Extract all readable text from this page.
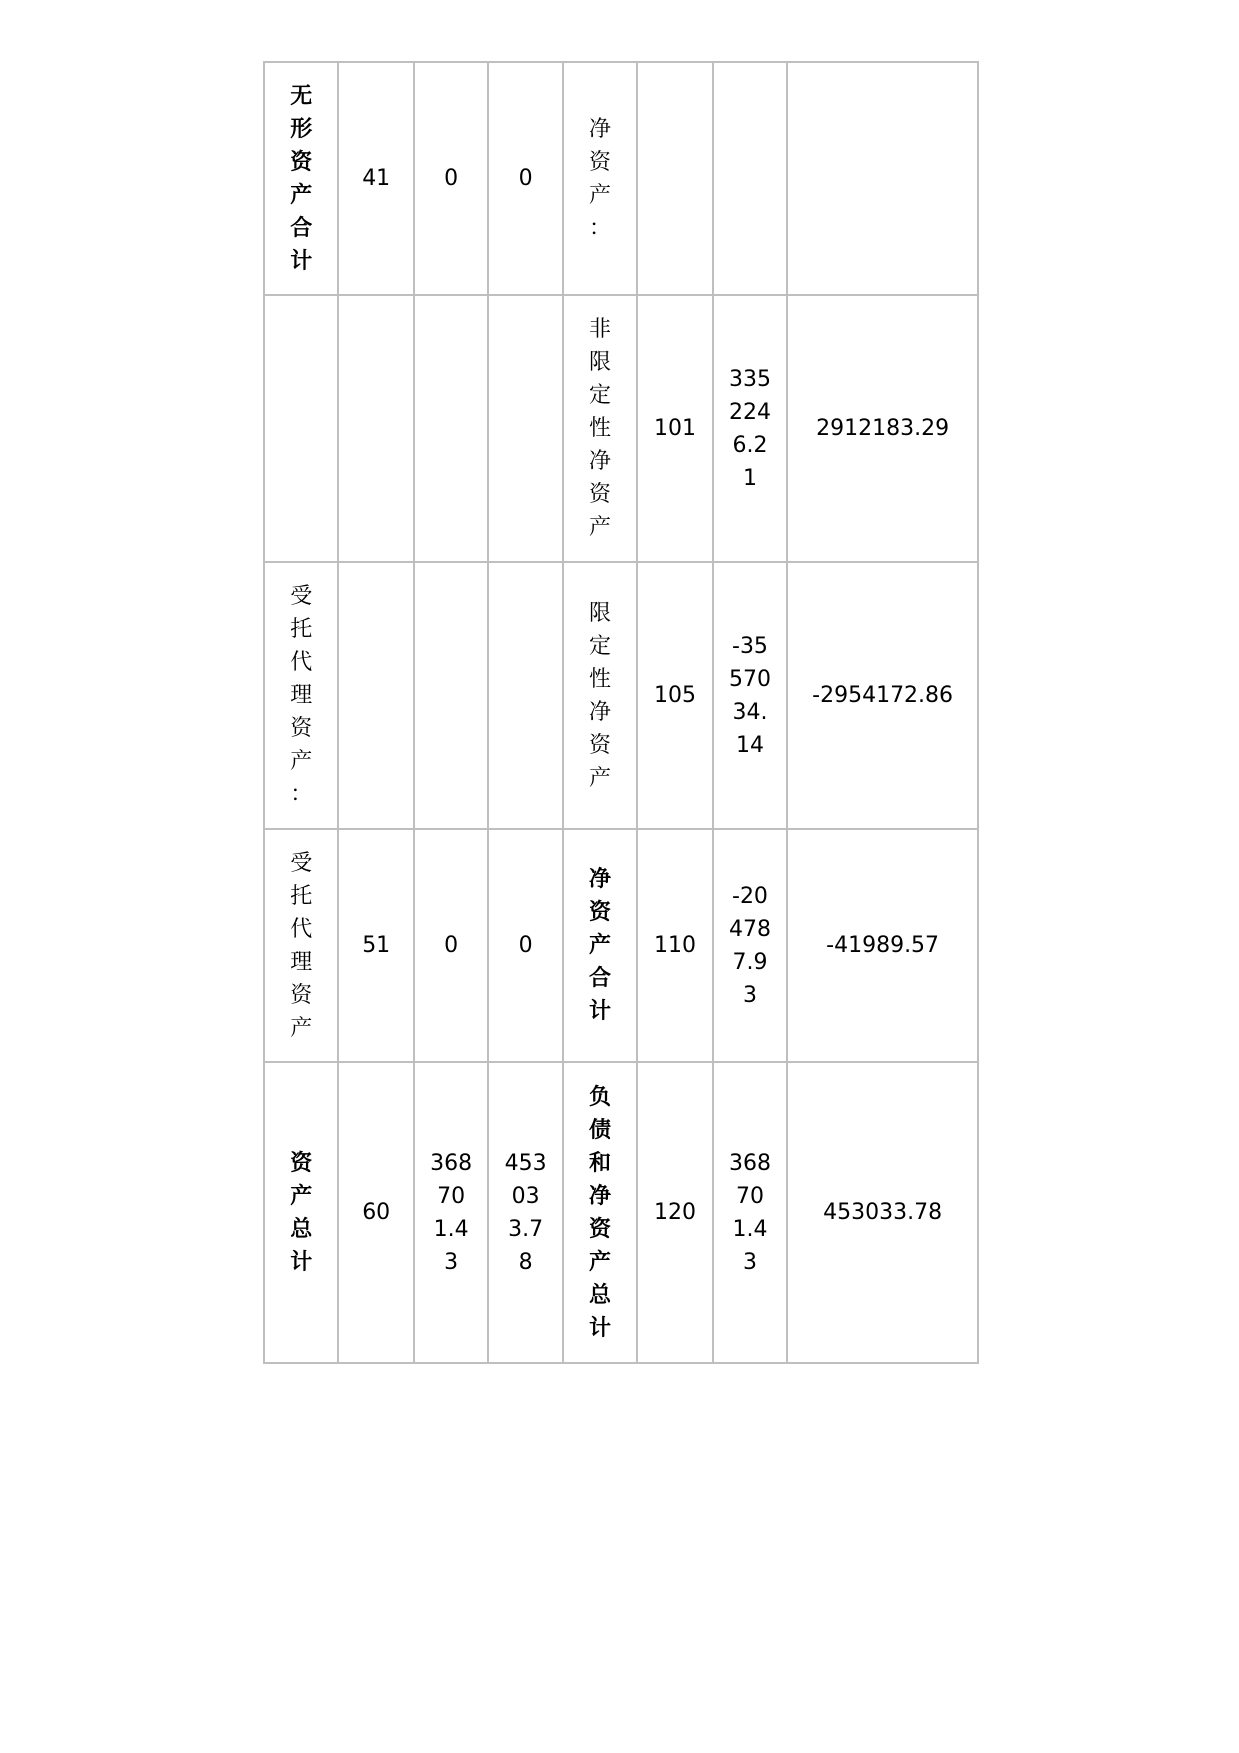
无形资产合计	41	0	0	净资产：			
				非限定性净资产	101	3352246.21	2912183.29
受托代理资产：				限定性净资产	105	-3557034.14	-2954172.86
受托代理资产	51	0	0	净资产合计	110	-204787.93	-41989.57
资产总计	60	368701.43	453033.78	负债和净资产总计	120	368701.43	453033.78
